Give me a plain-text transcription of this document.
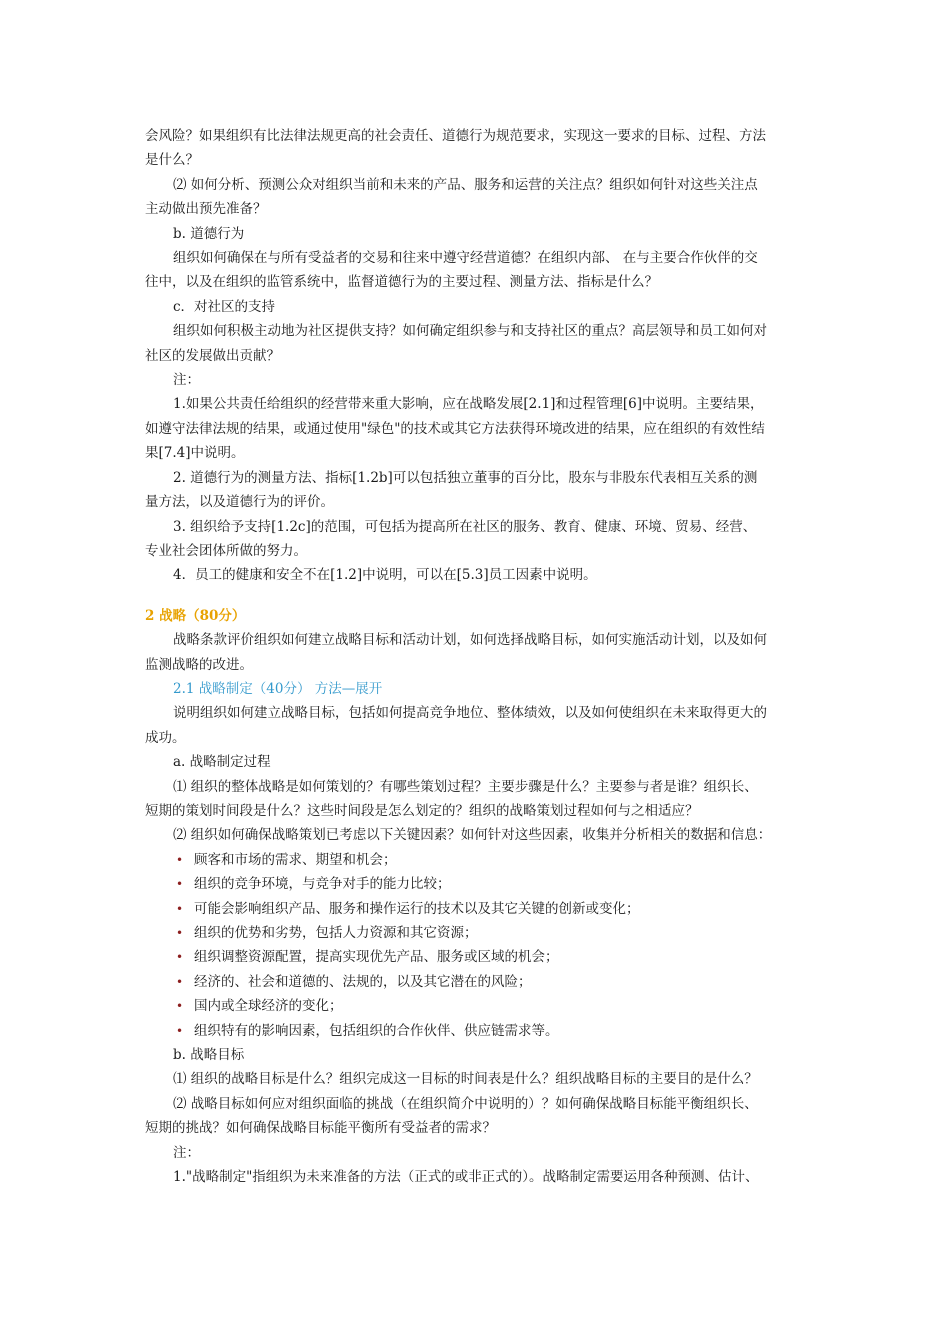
会风险？如果组织有比法律法规更高的社会责任、道德行为规范要求，实现这一要求的目标、过程、方法
是什么？
⑵ 如何分析、预测公众对组织当前和未来的产品、服务和运营的关注点？组织如何针对这些关注点
主动做出预先准备？
b. 道德行为
组织如何确保在与所有受益者的交易和往来中遵守经营道德？在组织内部、 在与主要合作伙伴的交
往中，以及在组织的监管系统中，监督道德行为的主要过程、测量方法、指标是什么？
c．对社区的支持
组织如何积极主动地为社区提供支持？如何确定组织参与和支持社区的重点？高层领导和员工如何对
社区的发展做出贡献？
注：
1.如果公共责任给组织的经营带来重大影响，应在战略发展[2.1]和过程管理[6]中说明。主要结果，
如遵守法律法规的结果，或通过使用"绿色"的技术或其它方法获得环境改进的结果，应在组织的有效性结
果[7.4]中说明。
2. 道德行为的测量方法、指标[1.2b]可以包括独立董事的百分比，股东与非股东代表相互关系的测
量方法，以及道德行为的评价。
3. 组织给予支持[1.2c]的范围，可包括为提高所在社区的服务、教育、健康、环境、贸易、经营、
专业社会团体所做的努力。
4．员工的健康和安全不在[1.2]中说明，可以在[5.3]员工因素中说明。
2 战略（80分）
战略条款评价组织如何建立战略目标和活动计划，如何选择战略目标，如何实施活动计划，以及如何
监测战略的改进。
2.1 战略制定（40分） 方法—展开
说明组织如何建立战略目标，包括如何提高竞争地位、整体绩效，以及如何使组织在未来取得更大的
成功。
a. 战略制定过程
⑴ 组织的整体战略是如何策划的？有哪些策划过程？主要步骤是什么？主要参与者是谁？组织长、
短期的策划时间段是什么？这些时间段是怎么划定的？组织的战略策划过程如何与之相适应？
⑵ 组织如何确保战略策划已考虑以下关键因素？如何针对这些因素，收集并分析相关的数据和信息：
• 顾客和市场的需求、期望和机会；
• 组织的竞争环境，与竞争对手的能力比较；
• 可能会影响组织产品、服务和操作运行的技术以及其它关键的创新或变化；
• 组织的优势和劣势，包括人力资源和其它资源；
• 组织调整资源配置，提高实现优先产品、服务或区域的机会；
• 经济的、社会和道德的、法规的，以及其它潜在的风险；
• 国内或全球经济的变化；
• 组织特有的影响因素，包括组织的合作伙伴、供应链需求等。
b. 战略目标
⑴ 组织的战略目标是什么？组织完成这一目标的时间表是什么？组织战略目标的主要目的是什么？
⑵ 战略目标如何应对组织面临的挑战（在组织简介中说明的）？如何确保战略目标能平衡组织长、
短期的挑战？如何确保战略目标能平衡所有受益者的需求？
注：
1."战略制定"指组织为未来准备的方法（正式的或非正式的）。战略制定需要运用各种预测、估计、
